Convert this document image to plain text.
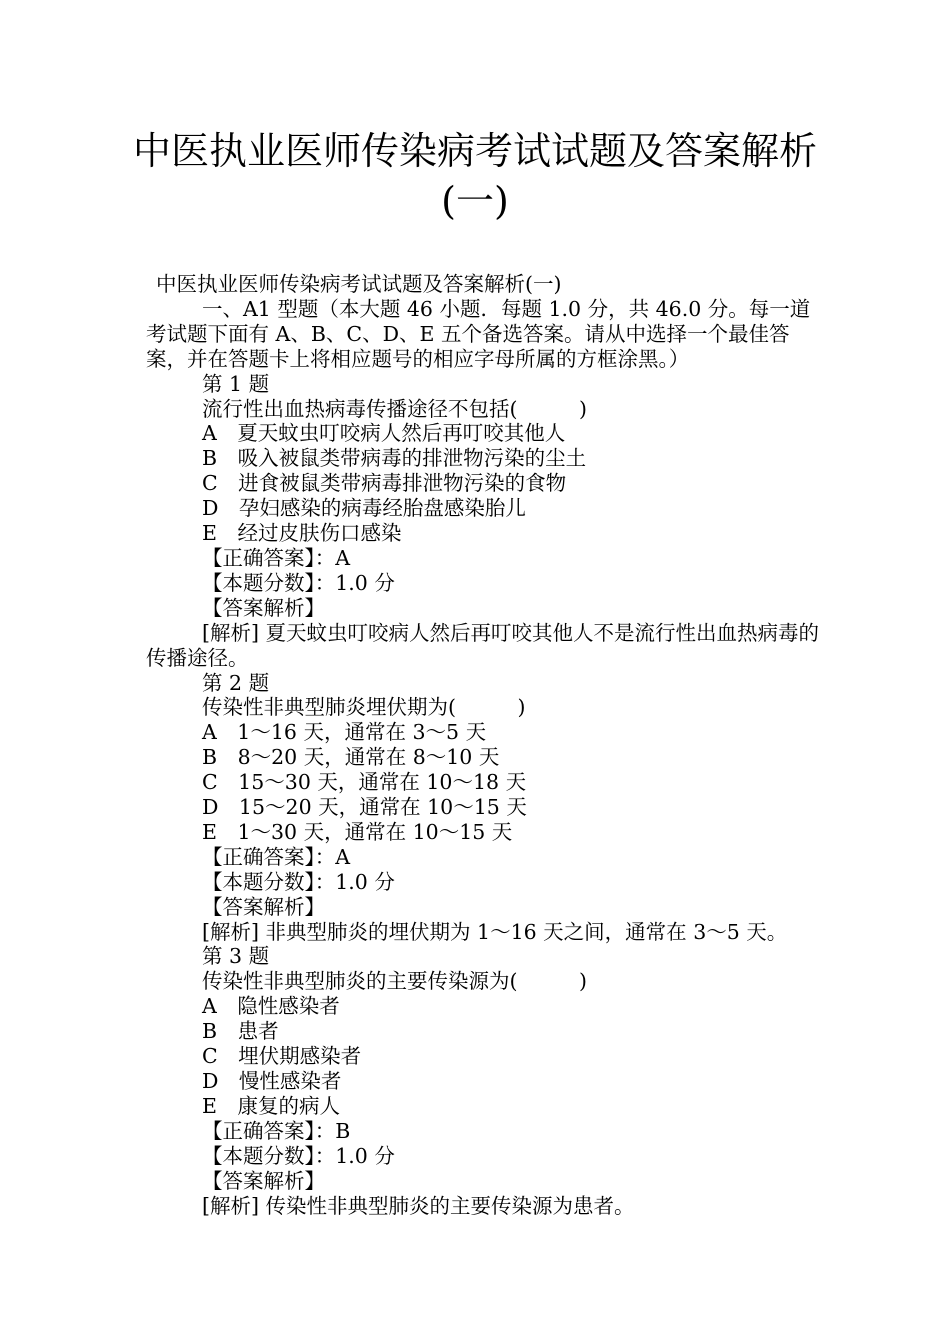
中医执业医师传染病考试试题及答案解析
(一)
中医执业医师传染病考试试题及答案解析(一)
一、A1 型题（本大题 46 小题．每题 1.0 分，共 46.0 分。每一道考试题下面有 A、B、C、D、E 五个备选答案。请从中选择一个最佳答案，并在答题卡上将相应题号的相应字母所属的方框涂黑。）
第 1 题
流行性出血热病毒传播途径不包括(　　　)
A　夏天蚊虫叮咬病人然后再叮咬其他人
B　吸入被鼠类带病毒的排泄物污染的尘土
C　进食被鼠类带病毒排泄物污染的食物
D　孕妇感染的病毒经胎盘感染胎儿
E　经过皮肤伤口感染
【正确答案】：A
【本题分数】：1.0 分
【答案解析】
[解析] 夏天蚊虫叮咬病人然后再叮咬其他人不是流行性出血热病毒的传播途径。
第 2 题
传染性非典型肺炎埋伏期为(　　　)
A　1～16 天，通常在 3～5 天
B　8～20 天，通常在 8～10 天
C　15～30 天，通常在 10～18 天
D　15～20 天，通常在 10～15 天
E　1～30 天，通常在 10～15 天
【正确答案】：A
【本题分数】：1.0 分
【答案解析】
[解析] 非典型肺炎的埋伏期为 1～16 天之间，通常在 3～5 天。
第 3 题
传染性非典型肺炎的主要传染源为(　　　)
A　隐性感染者
B　患者
C　埋伏期感染者
D　慢性感染者
E　康复的病人
【正确答案】：B
【本题分数】：1.0 分
【答案解析】
[解析] 传染性非典型肺炎的主要传染源为患者。
